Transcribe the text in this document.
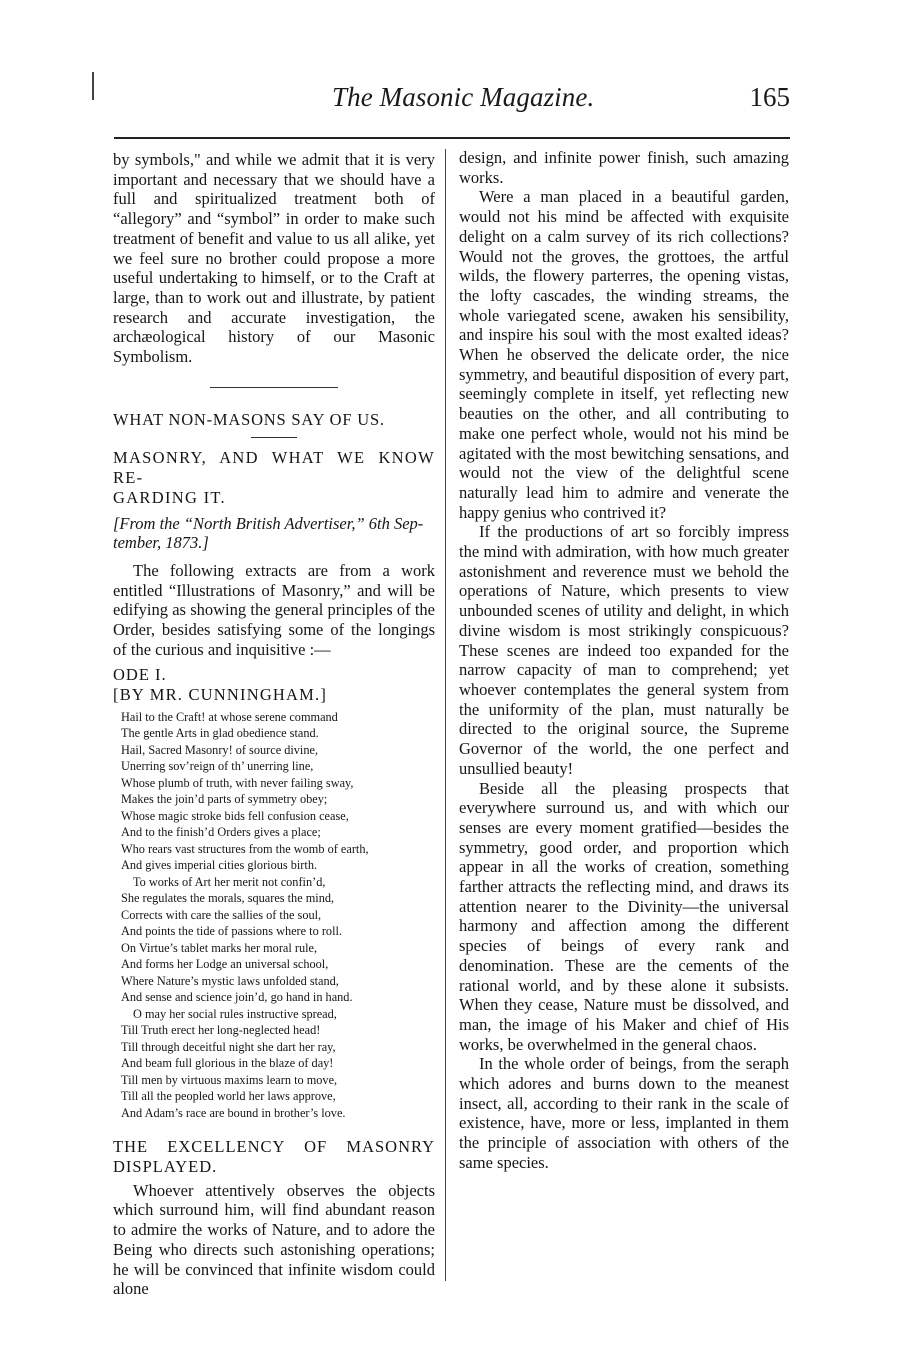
The Masonic Magazine.	165

by symbols," and while we admit that it is very important and necessary that we should have a full and spiritualized treatment both of “allegory” and “symbol” in order to make such treatment of benefit and value to us all alike, yet we feel sure no brother could propose a more useful undertaking to himself, or to the Craft at large, than to work out and illustrate, by patient research and accurate investigation, the archæological history of our Masonic Symbolism.

WHAT NON-MASONS SAY OF US.

MASONRY, AND WHAT WE KNOW RE-

GARDING IT.

[From the “North British Advertiser,” 6th Sep-

tember, 1873.]

The following extracts are from a work entitled “Illustrations of Masonry,” and will be edifying as showing the general principles of the Order, besides satisfying some of the longings of the curious and inquisitive :—

ODE I.

[BY MR. CUNNINGHAM.]

Hail to the Craft! at whose serene command
The gentle Arts in glad obedience stand.
Hail, Sacred Masonry! of source divine,
Unerring sov’reign of th’ unerring line,
Whose plumb of truth, with never failing sway,
Makes the join’d parts of symmetry obey;
Whose magic stroke bids fell confusion cease,
And to the finish’d Orders gives a place;
Who rears vast structures from the womb of earth,
And gives imperial cities glorious birth.
To works of Art her merit not confin’d,
She regulates the morals, squares the mind,
Corrects with care the sallies of the soul,
And points the tide of passions where to roll.
On Virtue’s tablet marks her moral rule,
And forms her Lodge an universal school,
Where Nature’s mystic laws unfolded stand,
And sense and science join’d, go hand in hand.
O may her social rules instructive spread,
Till Truth erect her long-neglected head!
Till through deceitful night she dart her ray,
And beam full glorious in the blaze of day!
Till men by virtuous maxims learn to move,
Till all the peopled world her laws approve,
And Adam’s race are bound in brother’s love.

THE EXCELLENCY OF MASONRY DISPLAYED.

Whoever attentively observes the objects which surround him, will find abundant reason to admire the works of Nature, and to adore the Being who directs such astonishing operations; he will be convinced that infinite wisdom could alone

design, and infinite power finish, such amazing works.

Were a man placed in a beautiful garden, would not his mind be affected with exquisite delight on a calm survey of its rich collections? Would not the groves, the grottoes, the artful wilds, the flowery parterres, the opening vistas, the lofty cascades, the winding streams, the whole variegated scene, awaken his sensibility, and inspire his soul with the most exalted ideas? When he observed the delicate order, the nice symmetry, and beautiful disposition of every part, seemingly complete in itself, yet reflecting new beauties on the other, and all contributing to make one perfect whole, would not his mind be agitated with the most bewitching sensations, and would not the view of the delightful scene naturally lead him to admire and venerate the happy genius who contrived it?

If the productions of art so forcibly impress the mind with admiration, with how much greater astonishment and reverence must we behold the operations of Nature, which presents to view unbounded scenes of utility and delight, in which divine wisdom is most strikingly conspicuous? These scenes are indeed too expanded for the narrow capacity of man to comprehend; yet whoever contemplates the general system from the uniformity of the plan, must naturally be directed to the original source, the Supreme Governor of the world, the one perfect and unsullied beauty!

Beside all the pleasing prospects that everywhere surround us, and with which our senses are every moment gratified—besides the symmetry, good order, and proportion which appear in all the works of creation, something farther attracts the reflecting mind, and draws its attention nearer to the Divinity—the universal harmony and affection among the different species of beings of every rank and denomination. These are the cements of the rational world, and by these alone it subsists. When they cease, Nature must be dissolved, and man, the image of his Maker and chief of His works, be overwhelmed in the general chaos.

In the whole order of beings, from the seraph which adores and burns down to the meanest insect, all, according to their rank in the scale of existence, have, more or less, implanted in them the principle of association with others of the same species.
